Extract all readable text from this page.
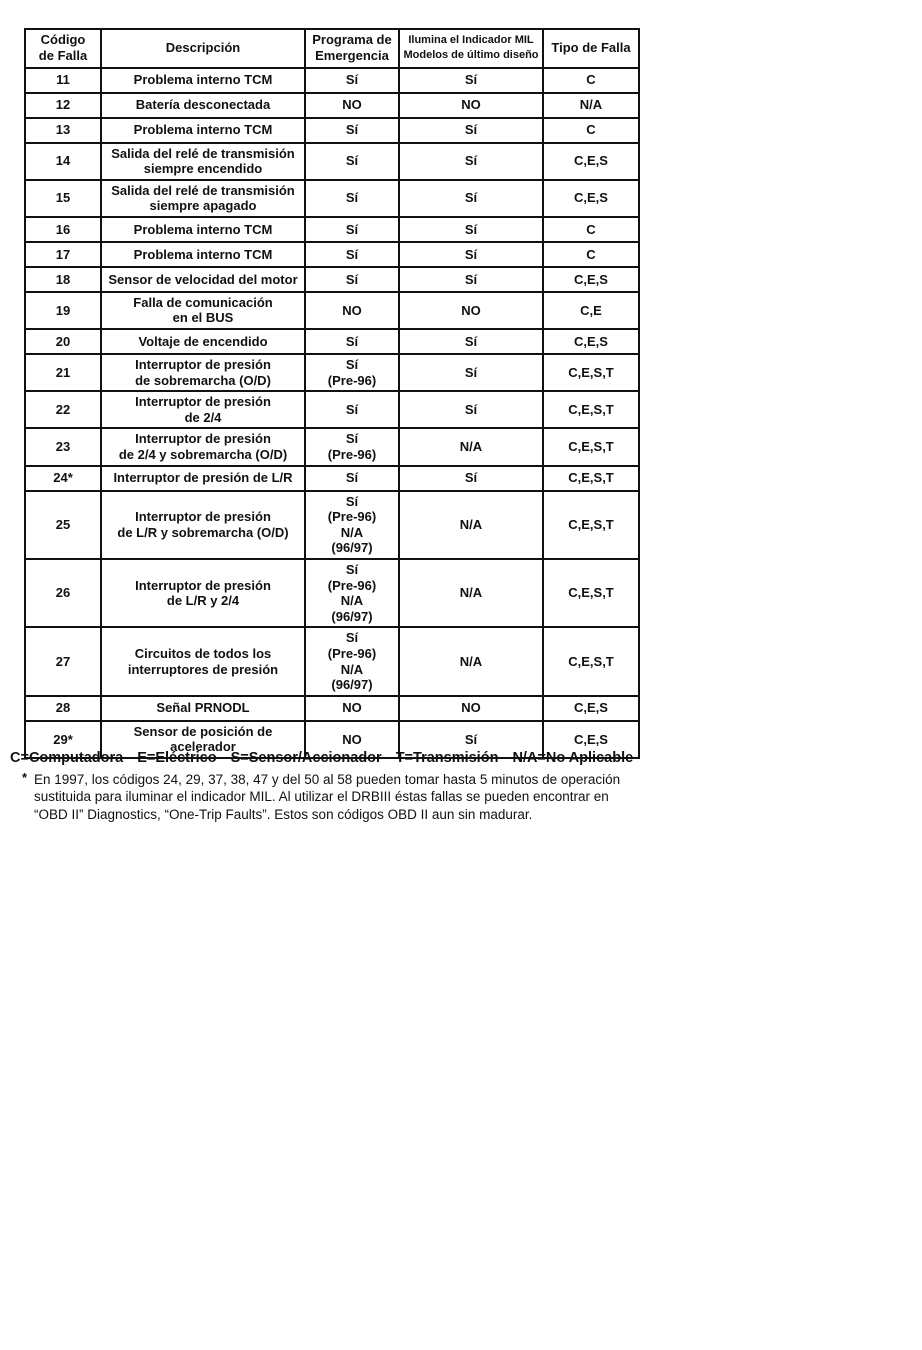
Código
de Falla	Descripción	Programa de
Emergencia	Ilumina el Indicador MIL
Modelos de último diseño	Tipo de Falla
11	Problema interno TCM	Sí	Sí	C
12	Batería desconectada	NO	NO	N/A
13	Problema interno TCM	Sí	Sí	C
14	Salida del relé de transmisión
siempre encendido	Sí	Sí	C,E,S
15	Salida del relé de transmisión
siempre apagado	Sí	Sí	C,E,S
16	Problema interno TCM	Sí	Sí	C
17	Problema interno TCM	Sí	Sí	C
18	Sensor de velocidad del motor	Sí	Sí	C,E,S
19	Falla de comunicación
en el BUS	NO	NO	C,E
20	Voltaje de encendido	Sí	Sí	C,E,S
21	Interruptor de presión
de sobremarcha (O/D)	Sí
(Pre-96)	Sí	C,E,S,T
22	Interruptor de presión
de 2/4	Sí	Sí	C,E,S,T
23	Interruptor de presión
de 2/4 y sobremarcha (O/D)	Sí
(Pre-96)	N/A	C,E,S,T
24*	Interruptor de presión de L/R	Sí	Sí	C,E,S,T
25	Interruptor de presión
de L/R y sobremarcha (O/D)	Sí
(Pre-96)
N/A
(96/97)	N/A	C,E,S,T
26	Interruptor de presión
de L/R y 2/4	Sí
(Pre-96)
N/A
(96/97)	N/A	C,E,S,T
27	Circuitos de todos los
interruptores de presión	Sí
(Pre-96)
N/A
(96/97)	N/A	C,E,S,T
28	Señal PRNODL	NO	NO	C,E,S
29*	Sensor de posición de acelerador	NO	Sí	C,E,S
C=Computadora E=Eléctrico S=Sensor/Accionador T=Transmisión N/A=No Aplicable
* En 1997, los códigos 24, 29, 37, 38, 47 y del 50 al 58 pueden tomar hasta 5 minutos de operación sustituida para iluminar el indicador MIL. Al utilizar el DRBIII éstas fallas se pueden encontrar en “OBD II” Diagnostics, “One-Trip Faults”. Estos son códigos OBD II aun sin madurar.
